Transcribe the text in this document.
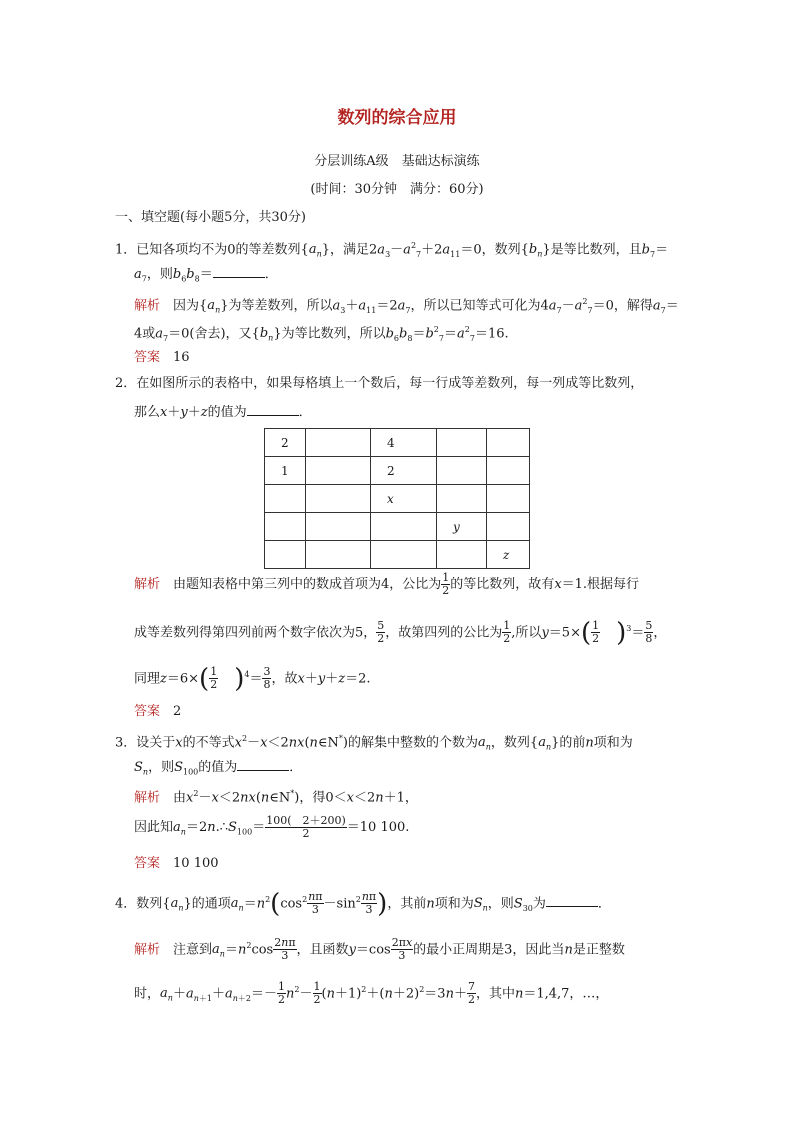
数列的综合应用
分层训练A级　基础达标演练
(时间：30分钟　满分：60分)
一、填空题(每小题5分，共30分)
1．已知各项均不为0的等差数列$\{a_n\}$，满足$2a_3-a^2_7+2a_{11}=0$，数列$\{b_n\}$是等比数列，且$b_7=$
$a_7$，则$b_6b_8=$	．
解析　因为$\{a_n\}$为等差数列，所以$a_3+a_{11}=2a_7$，所以已知等式可化为$4a_7-a^2_7=0$，解得$a_7=$
4或$a_7=0$(舍去)，又$\{b_n\}$为等比数列，所以$b_6b_8=b^2_7=a^2_7=16$.
答案　 16
2．在如图所示的表格中，如果每格填上一个数后，每一行成等差数列，每一列成等比数列，
那么x＋y＋z的值为	．
2		4		
1		2		
		x		
			y	
				z
解析　由题知表格中第三列中的数成首项为4，公比为 $\frac{1}{2}$ 的等比数列，故有x＝1.根据每行
成等差数列得第四列前两个数字依次为5， $\frac{5}{2}$ ，故第四列的公比为 $\frac{1}{2}$ ,所以$y=5\times( \frac{1}{2} )^3= \frac{5}{8}$ ，
同理$z=6\times( \frac{1}{2} )^4= \frac{3}{8}$ ，故x＋y＋z＝2.
答案　 2
3．设关于x的不等式$x^2-x<2nx(n\in N^*)$的解集中整数的个数为$a_n$，数列$\{a_n\}$的前n项和为
$S_n$，则$S_{100}$的值为	．
解析　由$x^2-x<2nx(n\in N^*)$，得0＜x＜2n＋1，
因此知$a_n=2n.\therefore S_{100}= \frac{100( 2+200)}{2} =10$ 100.
答案　 10 100
4．数列$\{a_n\}$的通项$a_n=n^2(\cos^2 \frac{n\pi}{3} -\sin^2 \frac{n\pi}{3}$ )，其前n项和为$S_n$，则$S_{30}$为	．
解析　注意到$a_n=n^2\cos \frac{2n\pi}{3}$ ，且函数$y=\cos \frac{2\pi x}{3}$ 的最小正周期是3，因此当n是正整数
时，$a_n+a_{n+1}+a_{n+2}=- \frac{1}{2} n^2- \frac{1}{2} (n+1)^2+(n+2)^2=3n+ \frac{7}{2}$ ，其中n＝1,4,7，…，
